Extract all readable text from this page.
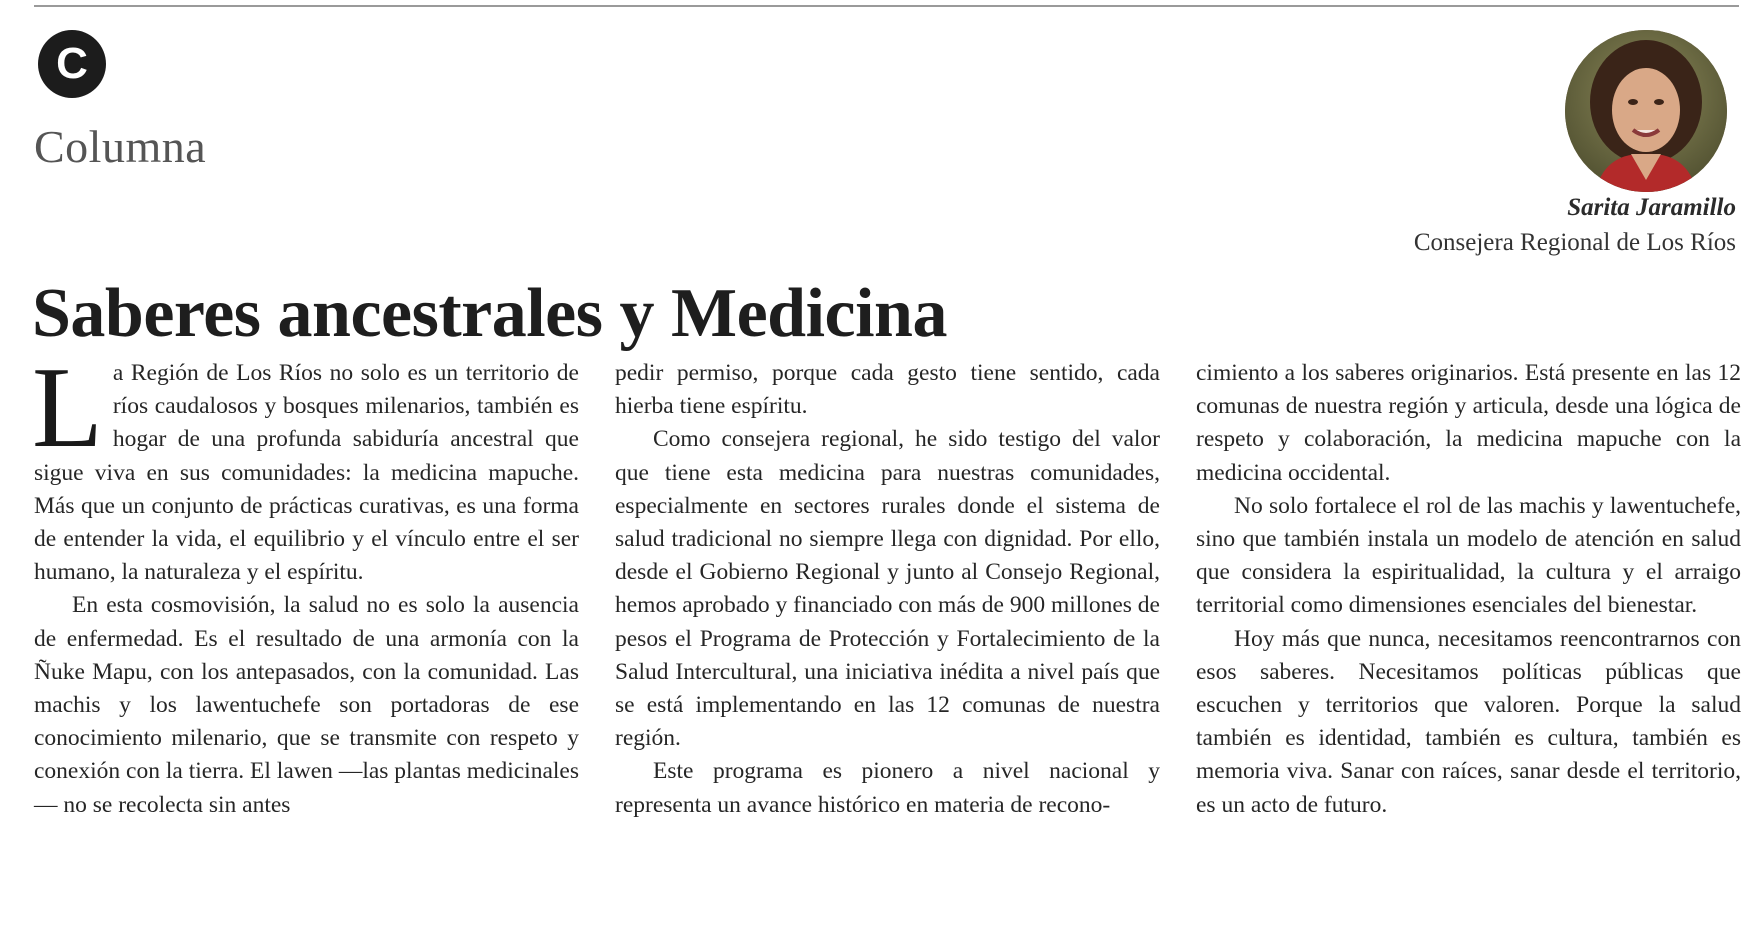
C
Columna
Saberes ancestrales y Medicina
Sarita Jaramillo
Consejera Regional de Los Ríos

La Región de Los Ríos no solo es un territorio de ríos caudalosos y bosques milenarios, también es hogar de una profunda sabiduría ancestral que sigue viva en sus comunidades: la medicina mapuche. Más que un conjunto de prácticas curativas, es una forma de entender la vida, el equilibrio y el vínculo entre el ser humano, la naturaleza y el espíritu.

En esta cosmovisión, la salud no es solo la ausencia de enfermedad. Es el resultado de una armonía con la Ñuke Mapu, con los antepasados, con la comunidad. Las machis y los lawentuchefe son portadoras de ese conocimiento milenario, que se transmite con respeto y conexión con la tierra. El lawen —las plantas medicinales— no se recolecta sin antes

pedir permiso, porque cada gesto tiene sentido, cada hierba tiene espíritu.

Como consejera regional, he sido testigo del valor que tiene esta medicina para nuestras comunidades, especialmente en sectores rurales donde el sistema de salud tradicional no siempre llega con dignidad. Por ello, desde el Gobierno Regional y junto al Consejo Regional, hemos aprobado y financiado con más de 900 millones de pesos el Programa de Protección y Fortalecimiento de la Salud Intercultural, una iniciativa inédita a nivel país que se está implementando en las 12 comunas de nuestra región.

Este programa es pionero a nivel nacional y representa un avance histórico en materia de recono-

cimiento a los saberes originarios. Está presente en las 12 comunas de nuestra región y articula, desde una lógica de respeto y colaboración, la medicina mapuche con la medicina occidental.

No solo fortalece el rol de las machis y lawentuchefe, sino que también instala un modelo de atención en salud que considera la espiritualidad, la cultura y el arraigo territorial como dimensiones esenciales del bienestar.

Hoy más que nunca, necesitamos reencontrarnos con esos saberes. Necesitamos políticas públicas que escuchen y territorios que valoren. Porque la salud también es identidad, también es cultura, también es memoria viva. Sanar con raíces, sanar desde el territorio, es un acto de futuro.
